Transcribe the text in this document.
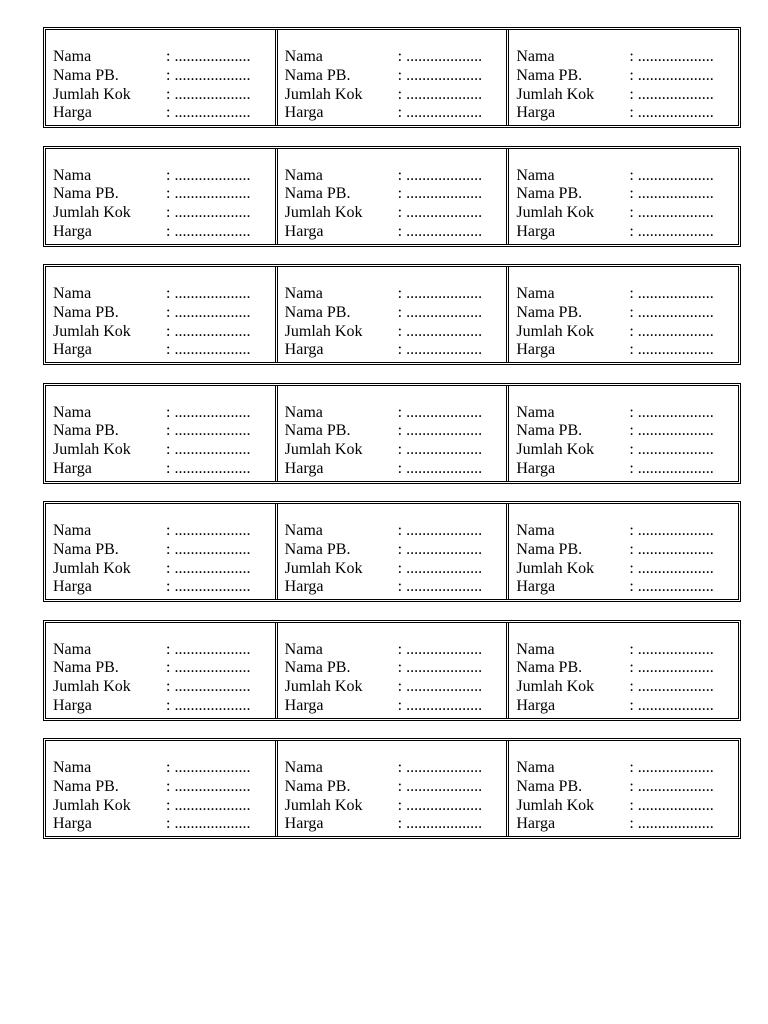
Nama	: ...................
Nama PB.	: ...................
Jumlah Kok : ...................
Harga	: ...................
Nama	: ...................
Nama PB.	: ...................
Jumlah Kok : ...................
Harga	: ...................
Nama	: ...................
Nama PB.	: ...................
Jumlah Kok : ...................
Harga	: ...................
Nama	: ...................
Nama PB.	: ...................
Jumlah Kok : ...................
Harga	: ...................
Nama	: ...................
Nama PB.	: ...................
Jumlah Kok : ...................
Harga	: ...................
Nama	: ...................
Nama PB.	: ...................
Jumlah Kok : ...................
Harga	: ...................
Nama	: ...................
Nama PB.	: ...................
Jumlah Kok : ...................
Harga	: ...................
Nama	: ...................
Nama PB.	: ...................
Jumlah Kok : ...................
Harga	: ...................
Nama	: ...................
Nama PB.	: ...................
Jumlah Kok : ...................
Harga	: ...................
Nama	: ...................
Nama PB.	: ...................
Jumlah Kok : ...................
Harga	: ...................
Nama	: ...................
Nama PB.	: ...................
Jumlah Kok : ...................
Harga	: ...................
Nama	: ...................
Nama PB.	: ...................
Jumlah Kok : ...................
Harga	: ...................
Nama	: ...................
Nama PB.	: ...................
Jumlah Kok : ...................
Harga	: ...................
Nama	: ...................
Nama PB.	: ...................
Jumlah Kok : ...................
Harga	: ...................
Nama	: ...................
Nama PB.	: ...................
Jumlah Kok : ...................
Harga	: ...................
Nama	: ...................
Nama PB.	: ...................
Jumlah Kok : ...................
Harga	: ...................
Nama	: ...................
Nama PB.	: ...................
Jumlah Kok : ...................
Harga	: ...................
Nama	: ...................
Nama PB.	: ...................
Jumlah Kok : ...................
Harga	: ...................
Nama	: ...................
Nama PB.	: ...................
Jumlah Kok : ...................
Harga	: ...................
Nama	: ...................
Nama PB.	: ...................
Jumlah Kok : ...................
Harga	: ...................
Nama	: ...................
Nama PB.	: ...................
Jumlah Kok : ...................
Harga	: ...................
